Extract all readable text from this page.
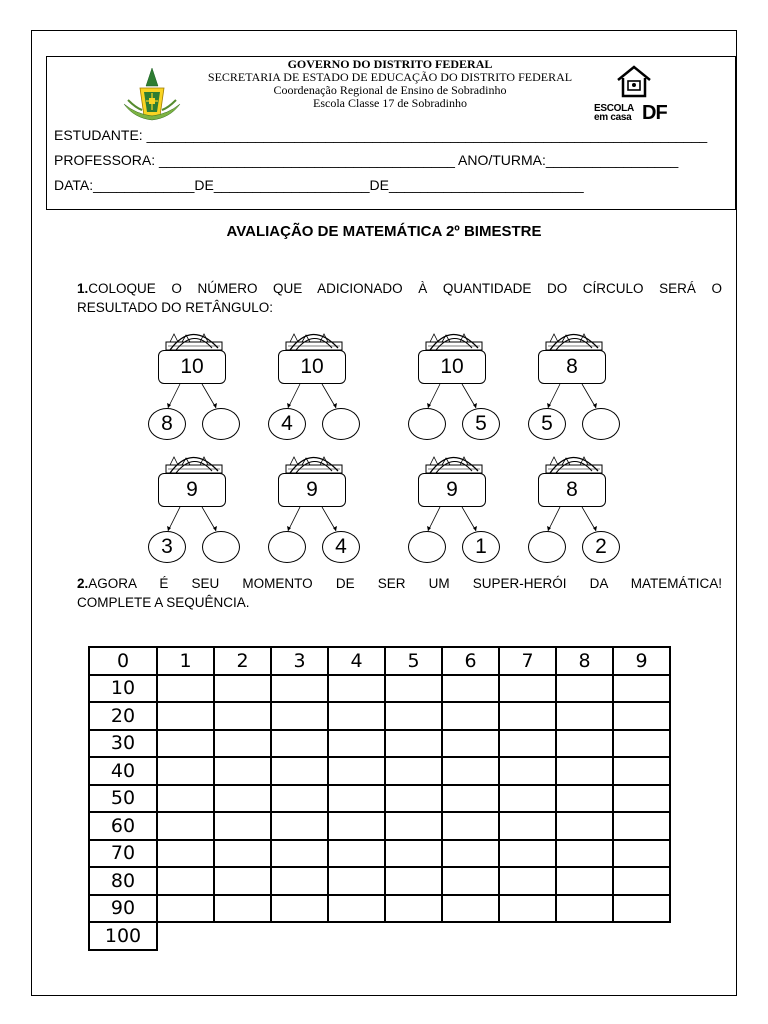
GOVERNO DO DISTRITO FEDERAL
SECRETARIA DE ESTADO DE EDUCAÇÃO DO DISTRITO FEDERAL
Coordenação Regional de Ensino de Sobradinho
Escola Classe 17 de Sobradinho	ESCOLA
em casa DF
ESTUDANTE: ________________________________________________________________________
PROFESSORA: ______________________________________ ANO/TURMA:_________________
DATA:_____________DE____________________DE_________________________
AVALIAÇÃO DE MATEMÁTICA 2º BIMESTRE
1.COLOQUE O NÚMERO QUE ADICIONADO À QUANTIDADE DO CÍRCULO SERÁ O
RESULTADO DO RETÂNGULO:
10
8
10
4
10
5
8
5
9
3
9
4
9
1
8
2
2.AGORA É SEU MOMENTO DE SER UM SUPER-HERÓI DA MATEMÁTICA!
COMPLETE A SEQUÊNCIA.
0	1	2	3	4	5	6	7	8	9
10									
20									
30									
40									
50									
60									
70									
80									
90									
100									
